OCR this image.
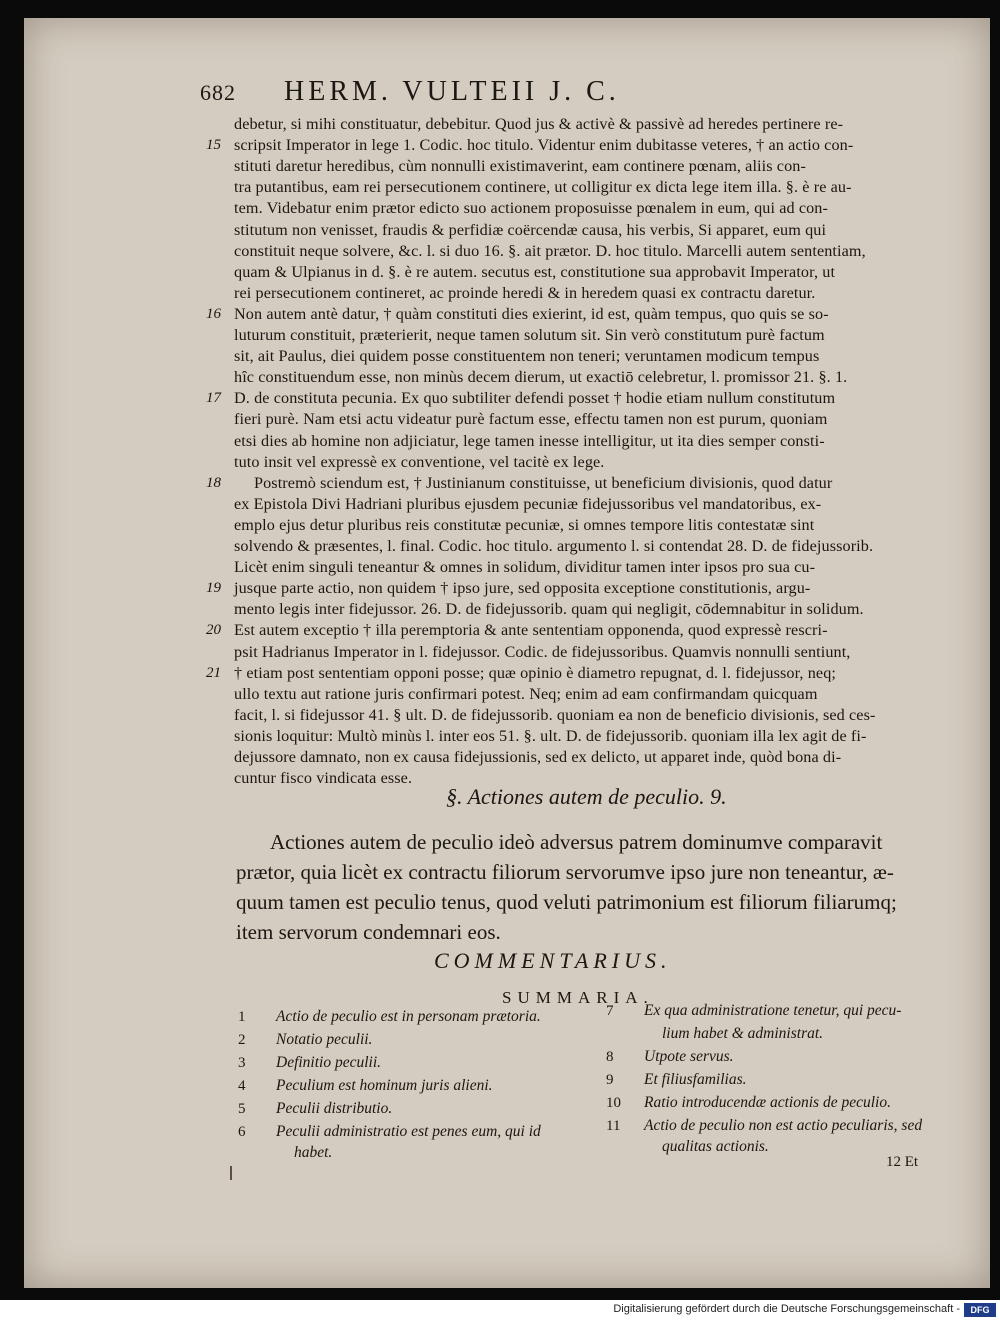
682 HERM. VULTEII J. C.
debetur, si mihi constituatur, debebitur. Quod jus & activè & passivè ad heredes pertinere re-
15 scripsit Imperator in lege 1. Codic. hoc titulo. Videntur enim dubitasse veteres, † an actio con-
stituti daretur heredibus, cùm nonnulli existimaverint, eam continere pœnam, aliis con-
tra putantibus, eam rei persecutionem continere, ut colligitur ex dicta lege item illa. §. è re au-
tem. Videbatur enim prætor edicto suo actionem proposuisse pœnalem in eum, qui ad con-
stitutum non venisset, fraudis & perfidiæ coërcendæ causa, his verbis, Si apparet, eum qui
constituit neque solvere, &c. l. si duo 16. §. ait prætor. D. hoc titulo. Marcelli autem sententiam,
quam & Ulpianus in d. §. è re autem. secutus est, constitutione sua approbavit Imperator, ut
rei persecutionem contineret, ac proinde heredi & in heredem quasi ex contractu daretur.
16 Non autem antè datur, † quàm constituti dies exierint, id est, quàm tempus, quo quis se so-
luturum constituit, præterierit, neque tamen solutum sit. Sin verò constitutum purè factum
sit, ait Paulus, diei quidem posse constituentem non teneri; veruntamen modicum tempus
hîc constituendum esse, non minùs decem dierum, ut exactiō celebretur, l. promissor 21. §. 1.
17 D. de constituta pecunia. Ex quo subtiliter defendi posset † hodie etiam nullum constitutum
fieri purè. Nam etsi actu videatur purè factum esse, effectu tamen non est purum, quoniam
etsi dies ab homine non adjiciatur, lege tamen inesse intelligitur, ut ita dies semper consti-
tuto insit vel expressè ex conventione, vel tacitè ex lege.
18 Postremò sciendum est, † Justinianum constituisse, ut beneficium divisionis, quod datur
ex Epistola Divi Hadriani pluribus ejusdem pecuniæ fidejussoribus vel mandatoribus, ex-
emplo ejus detur pluribus reis constitutæ pecuniæ, si omnes tempore litis contestatæ sint
solvendo & præsentes, l. final. Codic. hoc titulo. argumento l. si contendat 28. D. de fidejussorib.
Licèt enim singuli teneantur & omnes in solidum, dividitur tamen inter ipsos pro sua cu-
19 jusque parte actio, non quidem † ipso jure, sed opposita exceptione constitutionis, argu-
mento legis inter fidejussor. 26. D. de fidejussorib. quam qui negligit, cōdemnabitur in solidum.
20 Est autem exceptio † illa peremptoria & ante sententiam opponenda, quod expressè rescri-
psit Hadrianus Imperator in l. fidejussor. Codic. de fidejussoribus. Quamvis nonnulli sentiunt,
21 † etiam post sententiam opponi posse; quæ opinio è diametro repugnat, d. l. fidejussor, neq;
ullo textu aut ratione juris confirmari potest. Neq; enim ad eam confirmandam quicquam
facit, l. si fidejussor 41. § ult. D. de fidejussorib. quoniam ea non de beneficio divisionis, sed ces-
sionis loquitur: Multò minùs l. inter eos 51. §. ult. D. de fidejussorib. quoniam illa lex agit de fi-
dejussore damnato, non ex causa fidejussionis, sed ex delicto, ut apparet inde, quòd bona di-
cuntur fisco vindicata esse.
§. Actiones autem de peculio. 9.
Actiones autem de peculio ideò adversus patrem dominumve comparavit
prætor, quia licèt ex contractu filiorum servorumve ipso jure non teneantur, æ-
quum tamen est peculio tenus, quod veluti patrimonium est filiorum filiarumq;
item servorum condemnari eos.
COMMENTARIUS.
SUMMARIA.
1	Actio de peculio est in personam prætoria.
2	Notatio peculii.
3	Definitio peculii.
4	Peculium est hominum juris alieni.
5	Peculii distributio.
6	Peculii administratio est penes eum, qui id
habet.
7	Ex qua administratione tenetur, qui pecu-
lium habet & administrat.
8	Utpote servus.
9	Et filiusfamilias.
10	Ratio introducendæ actionis de peculio.
11	Actio de peculio non est actio peculiaris, sed
qualitas actionis.
12 Et
Digitalisierung gefördert durch die Deutsche Forschungsgemeinschaft -	DFG
